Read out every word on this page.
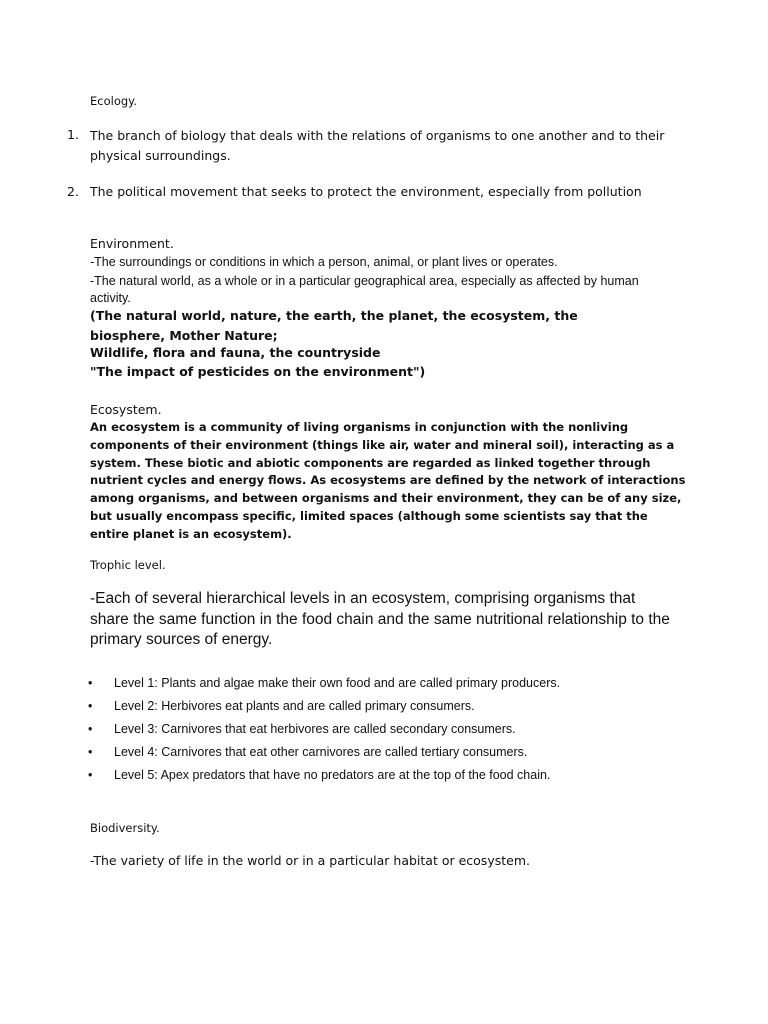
Ecology.
1. The branch of biology that deals with the relations of organisms to one another and to their physical surroundings.
2. The political movement that seeks to protect the environment, especially from pollution
Environment.
-The surroundings or conditions in which a person, animal, or plant lives or operates.
-The natural world, as a whole or in a particular geographical area, especially as affected by human activity.
(The natural world, nature, the earth, the planet, the ecosystem, the biosphere, Mother Nature;
Wildlife, flora and fauna, the countryside
"The impact of pesticides on the environment")
Ecosystem.
An ecosystem is a community of living organisms in conjunction with the nonliving components of their environment (things like air, water and mineral soil), interacting as a system. These biotic and abiotic components are regarded as linked together through nutrient cycles and energy flows. As ecosystems are defined by the network of interactions among organisms, and between organisms and their environment, they can be of any size, but usually encompass specific, limited spaces (although some scientists say that the entire planet is an ecosystem).
Trophic level.
-Each of several hierarchical levels in an ecosystem, comprising organisms that share the same function in the food chain and the same nutritional relationship to the primary sources of energy.
• Level 1: Plants and algae make their own food and are called primary producers.
• Level 2: Herbivores eat plants and are called primary consumers.
• Level 3: Carnivores that eat herbivores are called secondary consumers.
• Level 4: Carnivores that eat other carnivores are called tertiary consumers.
• Level 5: Apex predators that have no predators are at the top of the food chain.
Biodiversity.
-The variety of life in the world or in a particular habitat or ecosystem.
